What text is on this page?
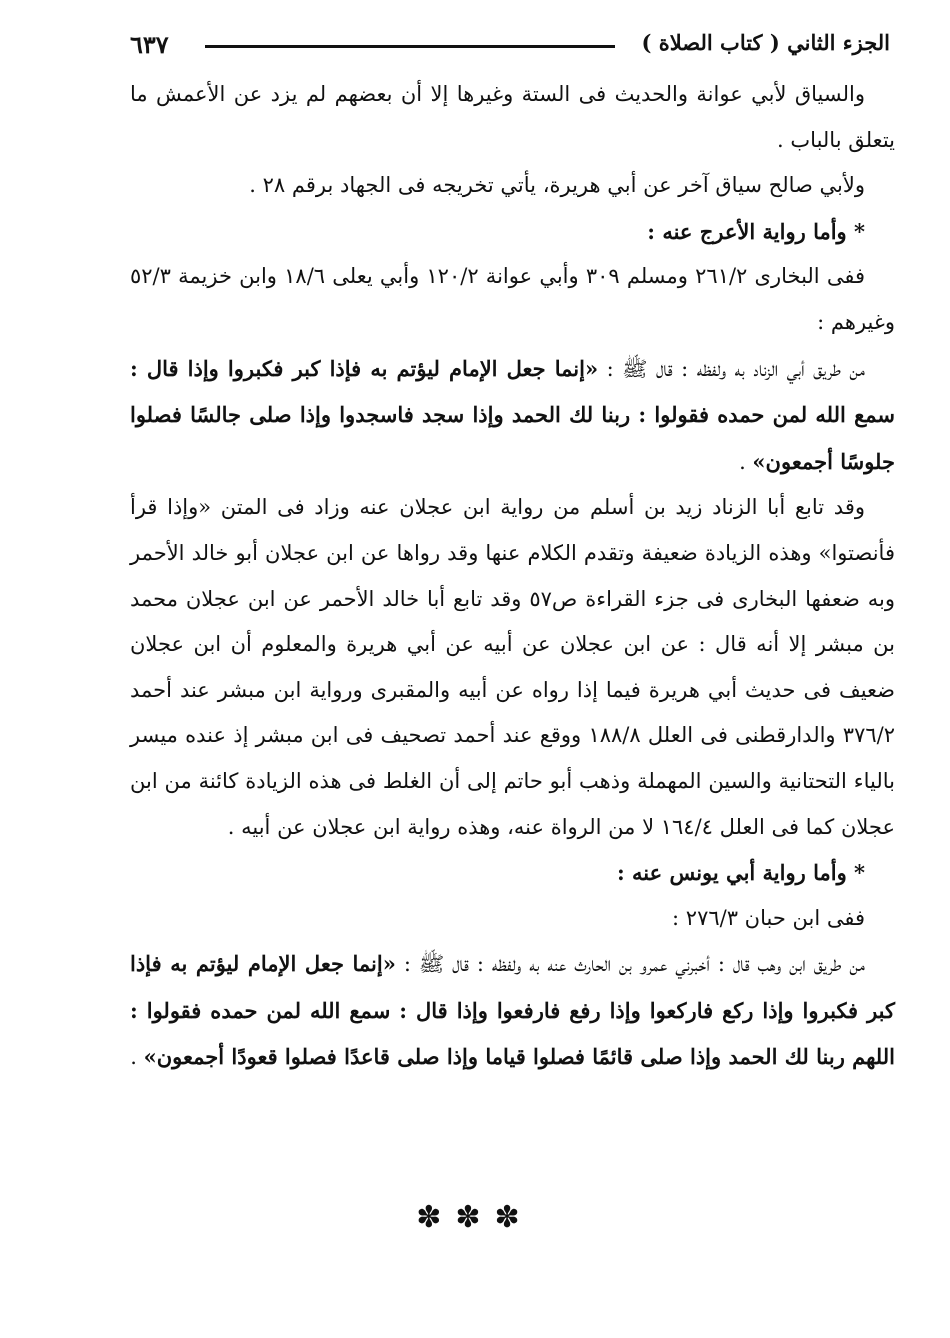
الجزء الثاني ( كتاب الصلاة )
٦٣٧

والسياق لأبي عوانة والحديث فى الستة وغيرها إلا أن بعضهم لم يزد عن الأعمش ما يتعلق بالباب .

ولأبي صالح سياق آخر عن أبي هريرة، يأتي تخريجه فى الجهاد برقم ٢٨ .

* وأما رواية الأعرج عنه :

ففى البخارى ٢٦١/٢ ومسلم ٣٠٩ وأبي عوانة ١٢٠/٢ وأبي يعلى ١٨/٦ وابن خزيمة ٥٢/٣ وغيرهم :

من طريق أبي الزناد به ولفظه : قال ﷺ : «إنما جعل الإمام ليؤتم به فإذا كبر فكبروا وإذا قال : سمع الله لمن حمده فقولوا : ربنا لك الحمد وإذا سجد فاسجدوا وإذا صلى جالسًا فصلوا جلوسًا أجمعون» .

وقد تابع أبا الزناد زيد بن أسلم من رواية ابن عجلان عنه وزاد فى المتن «وإذا قرأ فأنصتوا» وهذه الزيادة ضعيفة وتقدم الكلام عنها وقد رواها عن ابن عجلان أبو خالد الأحمر وبه ضعفها البخارى فى جزء القراءة ص٥٧ وقد تابع أبا خالد الأحمر عن ابن عجلان محمد بن مبشر إلا أنه قال : عن ابن عجلان عن أبيه عن أبي هريرة والمعلوم أن ابن عجلان ضعيف فى حديث أبي هريرة فيما إذا رواه عن أبيه والمقبرى ورواية ابن مبشر عند أحمد ٣٧٦/٢ والدارقطنى فى العلل ١٨٨/٨ ووقع عند أحمد تصحيف فى ابن مبشر إذ عنده ميسر بالياء التحتانية والسين المهملة وذهب أبو حاتم إلى أن الغلط فى هذه الزيادة كائنة من ابن عجلان كما فى العلل ١٦٤/٤ لا من الرواة عنه، وهذه رواية ابن عجلان عن أبيه .

* وأما رواية أبي يونس عنه :

ففى ابن حبان ٢٧٦/٣ :

من طريق ابن وهب قال : أخبرني عمرو بن الحارث عنه به ولفظه : قال ﷺ : «إنما جعل الإمام ليؤتم به فإذا كبر فكبروا وإذا ركع فاركعوا وإذا رفع فارفعوا وإذا قال : سمع الله لمن حمده فقولوا : اللهم ربنا لك الحمد وإذا صلى قائمًا فصلوا قياما وإذا صلى قاعدًا فصلوا قعودًا أجمعون» .

✽✽✽
